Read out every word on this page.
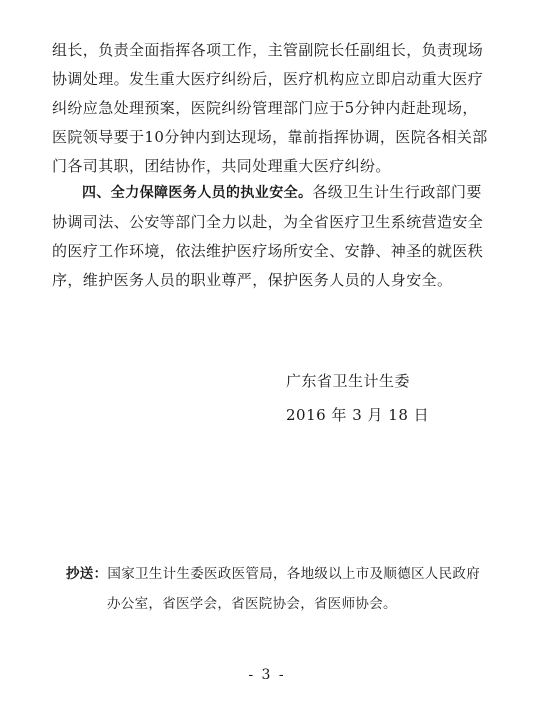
组长，负责全面指挥各项工作，主管副院长任副组长，负责现场协调处理。发生重大医疗纠纷后，医疗机构应立即启动重大医疗纠纷应急处理预案，医院纠纷管理部门应于5分钟内赶赴现场，医院领导要于10分钟内到达现场，靠前指挥协调，医院各相关部门各司其职，团结协作，共同处理重大医疗纠纷。

四、全力保障医务人员的执业安全。各级卫生计生行政部门要协调司法、公安等部门全力以赴，为全省医疗卫生系统营造安全的医疗工作环境，依法维护医疗场所安全、安静、神圣的就医秩序，维护医务人员的职业尊严，保护医务人员的人身安全。

广东省卫生计生委
2016 年 3 月 18 日
抄送：国家卫生计生委医政医管局，各地级以上市及顺德区人民政府
办公室，省医学会，省医院协会，省医师协会。
- 3 -
